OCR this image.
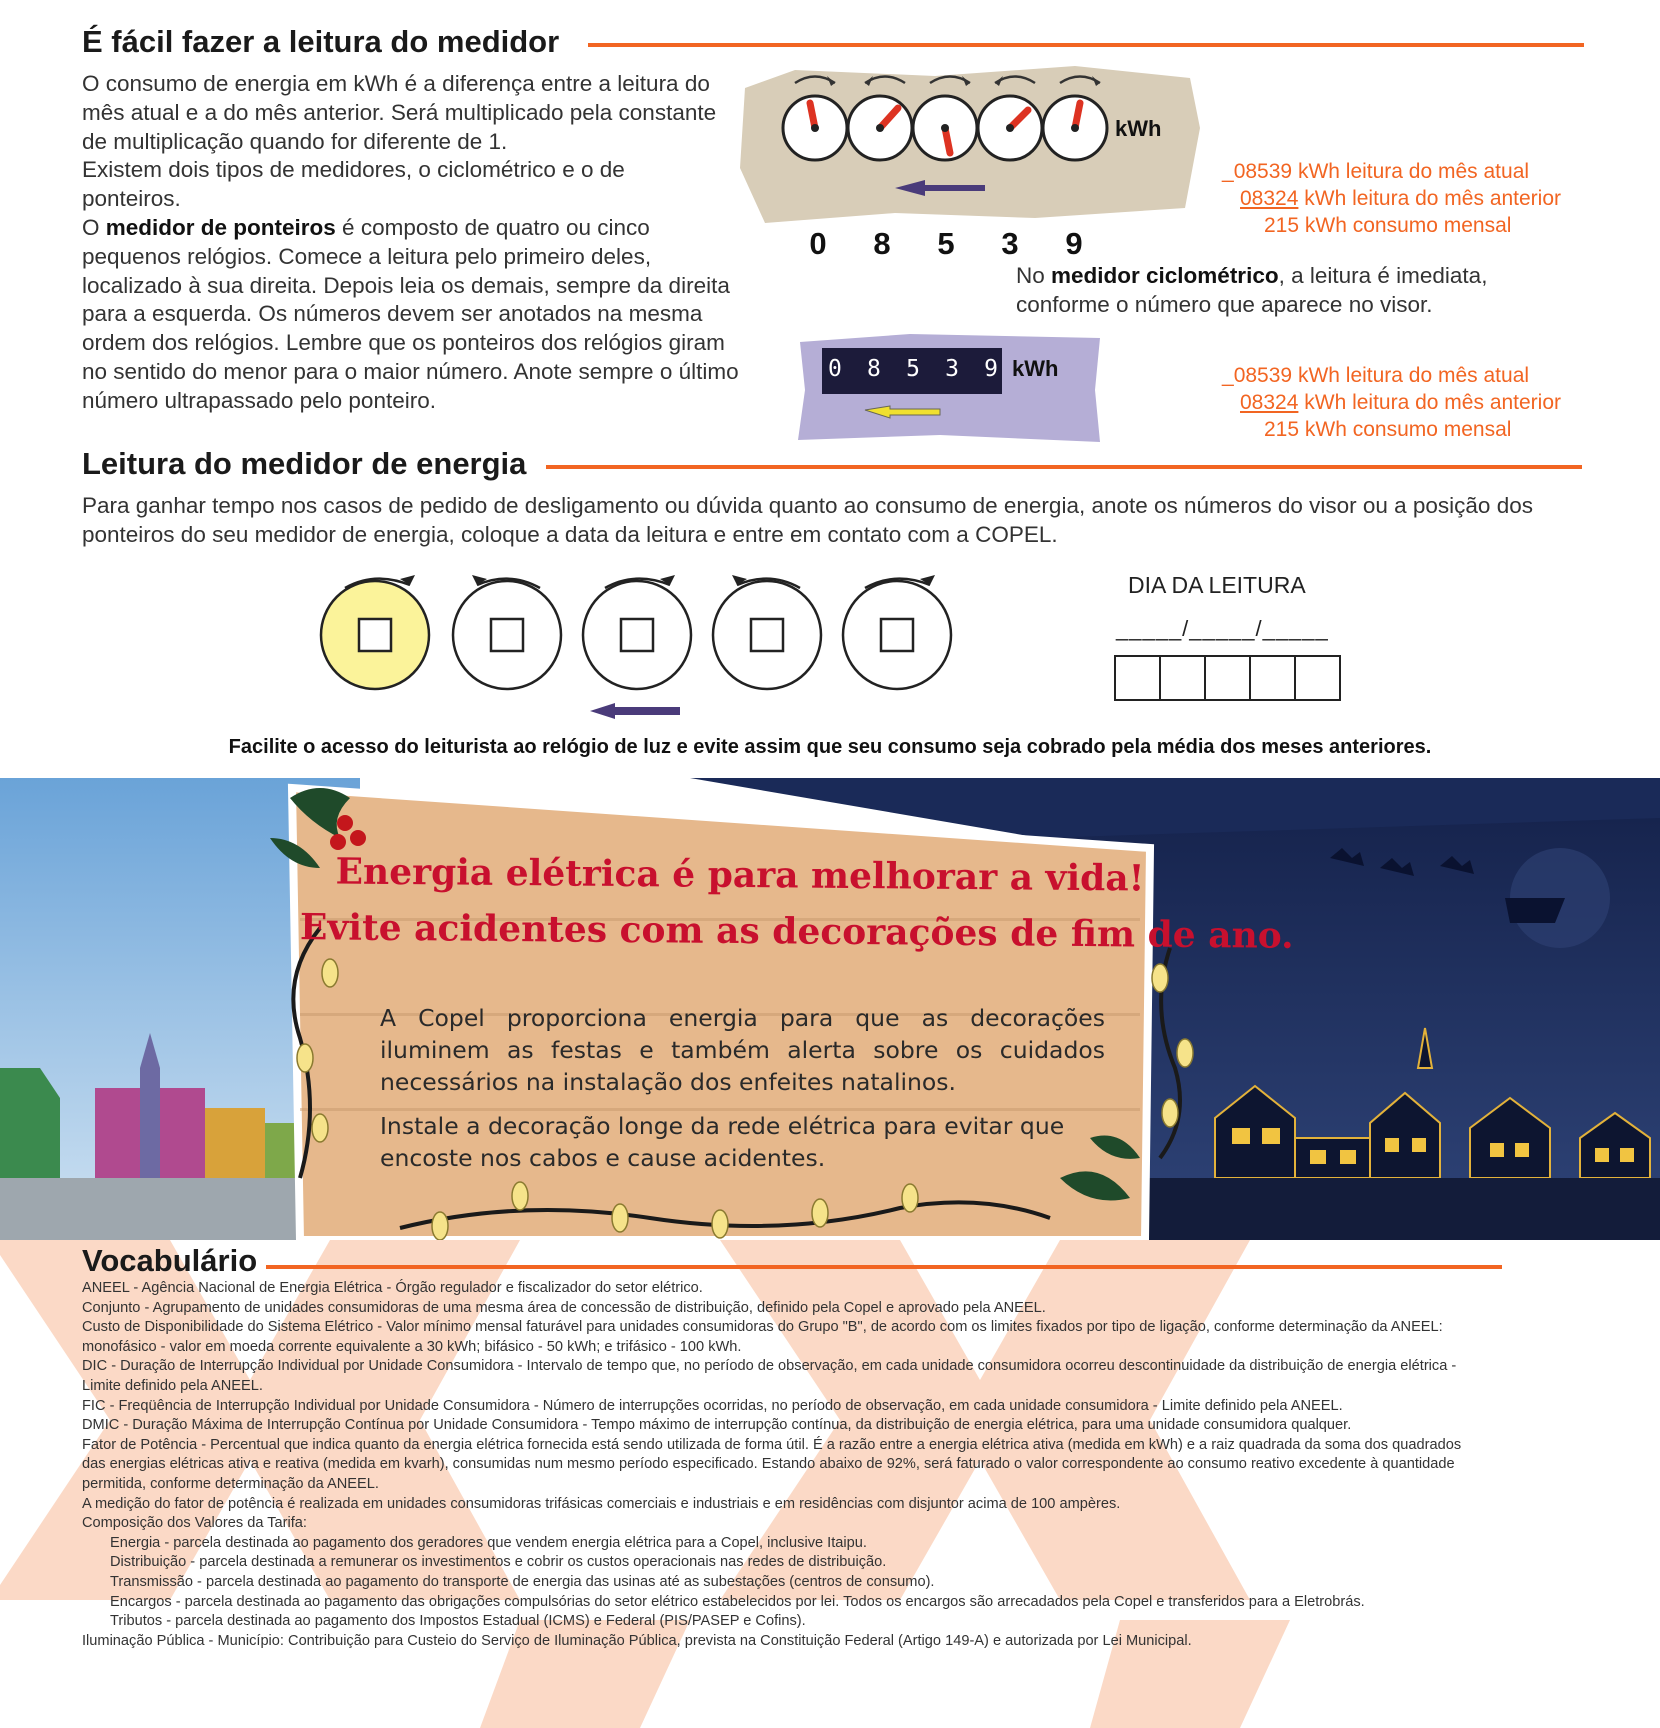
É fácil fazer a leitura do medidor
O consumo de energia em kWh é a diferença entre a leitura do mês atual e a do mês anterior. Será multiplicado pela constante de multiplicação quando for diferente de 1.
Existem dois tipos de medidores, o ciclométrico e o de ponteiros.
O medidor de ponteiros é composto de quatro ou cinco pequenos relógios. Comece a leitura pelo primeiro deles, localizado à sua direita. Depois leia os demais, sempre da direita para a esquerda. Os números devem ser anotados na mesma ordem dos relógios. Lembre que os ponteiros dos relógios giram no sentido do menor para o maior número. Anote sempre o último número ultrapassado pelo ponteiro.
kWh
0 8 5 3 9
_08539 kWh leitura do mês atual
08324 kWh leitura do mês anterior
215 kWh consumo mensal
No medidor ciclométrico, a leitura é imediata, conforme o número que aparece no visor.
0 8 5 3 9 kWh	_08539 kWh leitura do mês atual
08324 kWh leitura do mês anterior
215 kWh consumo mensal
Leitura do medidor de energia
Para ganhar tempo nos casos de pedido de desligamento ou dúvida quanto ao consumo de energia, anote os números do visor ou a posição dos ponteiros do seu medidor de energia, coloque a data da leitura e entre em contato com a COPEL.
DIA DA LEITURA
_____/_____/_____
Facilite o acesso do leiturista ao relógio de luz e evite assim que seu consumo seja cobrado pela média dos meses anteriores.
Energia elétrica é para melhorar a vida!
Evite acidentes com as decorações de fim de ano.
A Copel proporciona energia para que as decorações iluminem as festas e também alerta sobre os cuidados necessários na instalação dos enfeites natalinos.
Instale a decoração longe da rede elétrica para evitar que encoste nos cabos e cause acidentes.
Vocabulário
ANEEL - Agência Nacional de Energia Elétrica - Órgão regulador e fiscalizador do setor elétrico.
Conjunto - Agrupamento de unidades consumidoras de uma mesma área de concessão de distribuição, definido pela Copel e aprovado pela ANEEL.
Custo de Disponibilidade do Sistema Elétrico - Valor mínimo mensal faturável para unidades consumidoras do Grupo "B", de acordo com os limites fixados por tipo de ligação, conforme determinação da ANEEL: monofásico - valor em moeda corrente equivalente a 30 kWh; bifásico - 50 kWh; e trifásico - 100 kWh.
DIC - Duração de Interrupção Individual por Unidade Consumidora - Intervalo de tempo que, no período de observação, em cada unidade consumidora ocorreu descontinuidade da distribuição de energia elétrica - Limite definido pela ANEEL.
FIC - Freqüência de Interrupção Individual por Unidade Consumidora - Número de interrupções ocorridas, no período de observação, em cada unidade consumidora - Limite definido pela ANEEL.
DMIC - Duração Máxima de Interrupção Contínua por Unidade Consumidora - Tempo máximo de interrupção contínua, da distribuição de energia elétrica, para uma unidade consumidora qualquer.
Fator de Potência - Percentual que indica quanto da energia elétrica fornecida está sendo utilizada de forma útil. É a razão entre a energia elétrica ativa (medida em kWh) e a raiz quadrada da soma dos quadrados das energias elétricas ativa e reativa (medida em kvarh), consumidas num mesmo período especificado. Estando abaixo de 92%, será faturado o valor correspondente ao consumo reativo excedente à quantidade permitida, conforme determinação da ANEEL.
A medição do fator de potência é realizada em unidades consumidoras trifásicas comerciais e industriais e em residências com disjuntor acima de 100 ampères.
Composição dos Valores da Tarifa:
Energia - parcela destinada ao pagamento dos geradores que vendem energia elétrica para a Copel, inclusive Itaipu.
Distribuição - parcela destinada a remunerar os investimentos e cobrir os custos operacionais nas redes de distribuição.
Transmissão - parcela destinada ao pagamento do transporte de energia das usinas até as subestações (centros de consumo).
Encargos - parcela destinada ao pagamento das obrigações compulsórias do setor elétrico estabelecidos por lei. Todos os encargos são arrecadados pela Copel e transferidos para a Eletrobrás.
Tributos - parcela destinada ao pagamento dos Impostos Estadual (ICMS) e Federal (PIS/PASEP e Cofins).
Iluminação Pública - Município: Contribuição para Custeio do Serviço de Iluminação Pública, prevista na Constituição Federal (Artigo 149-A) e autorizada por Lei Municipal.
